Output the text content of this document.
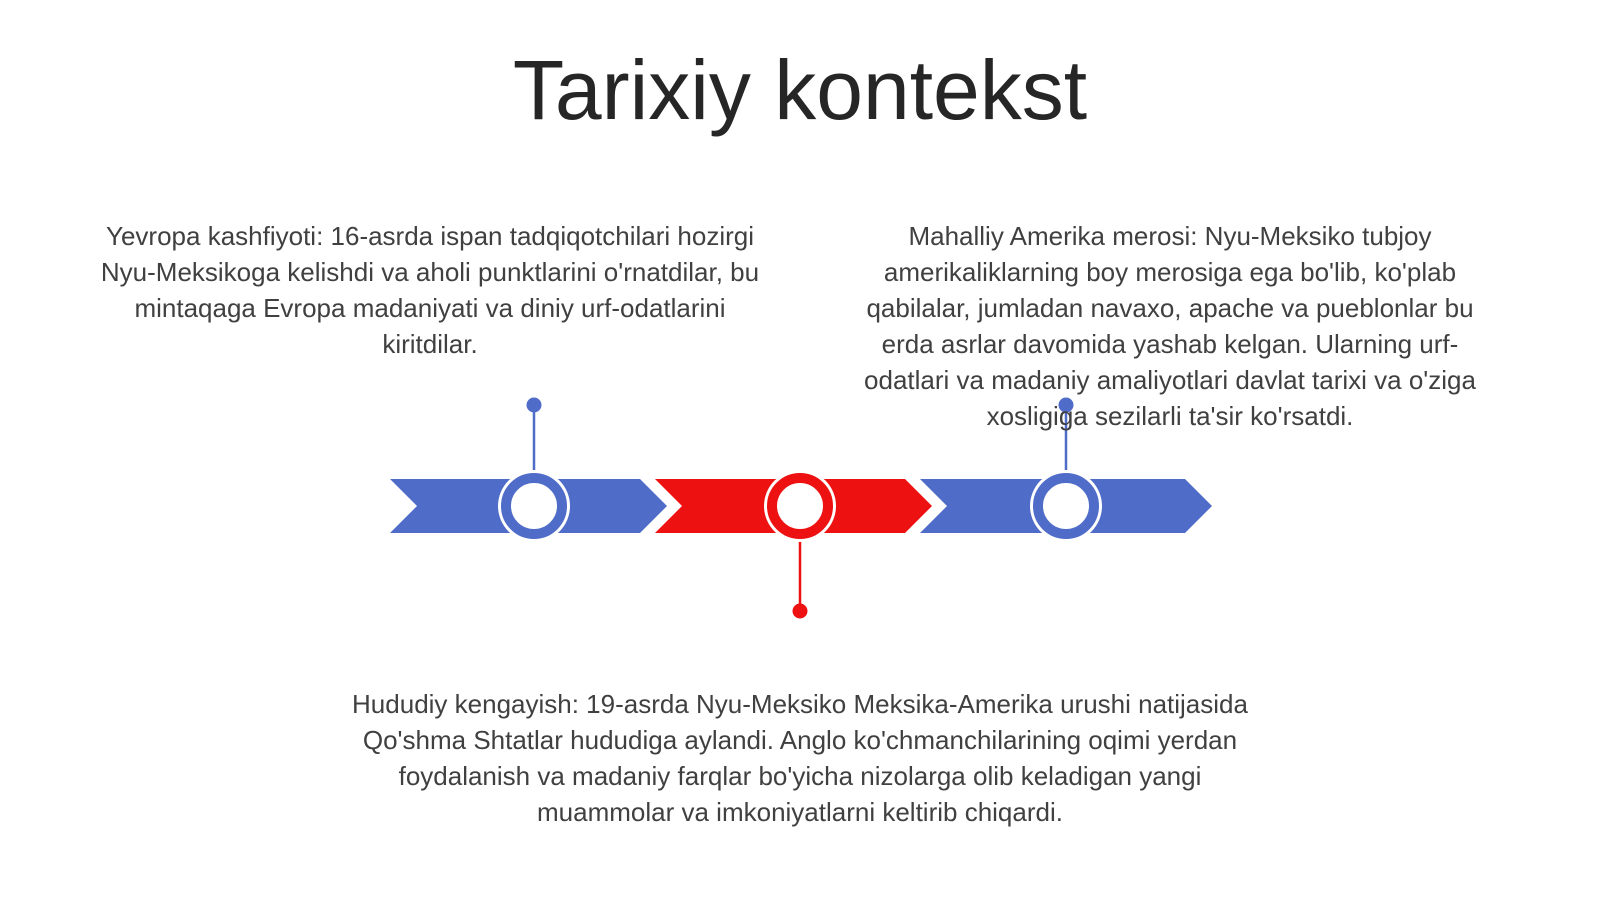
Tarixiy kontekst

Yevropa kashfiyoti: 16-asrda ispan tadqiqotchilari hozirgi Nyu-Meksikoga kelishdi va aholi punktlarini o'rnatdilar, bu mintaqaga Evropa madaniyati va diniy urf-odatlarini kiritdilar.

Mahalliy Amerika merosi: Nyu-Meksiko tubjoy amerikaliklarning boy merosiga ega bo'lib, ko'plab qabilalar, jumladan navaxo, apache va pueblonlar bu erda asrlar davomida yashab kelgan. Ularning urf-odatlari va madaniy amaliyotlari davlat tarixi va o'ziga xosligiga sezilarli ta'sir ko'rsatdi.

Hududiy kengayish: 19-asrda Nyu-Meksiko Meksika-Amerika urushi natijasida Qo'shma Shtatlar hududiga aylandi. Anglo ko'chmanchilarining oqimi yerdan foydalanish va madaniy farqlar bo'yicha nizolarga olib keladigan yangi muammolar va imkoniyatlarni keltirib chiqardi.
